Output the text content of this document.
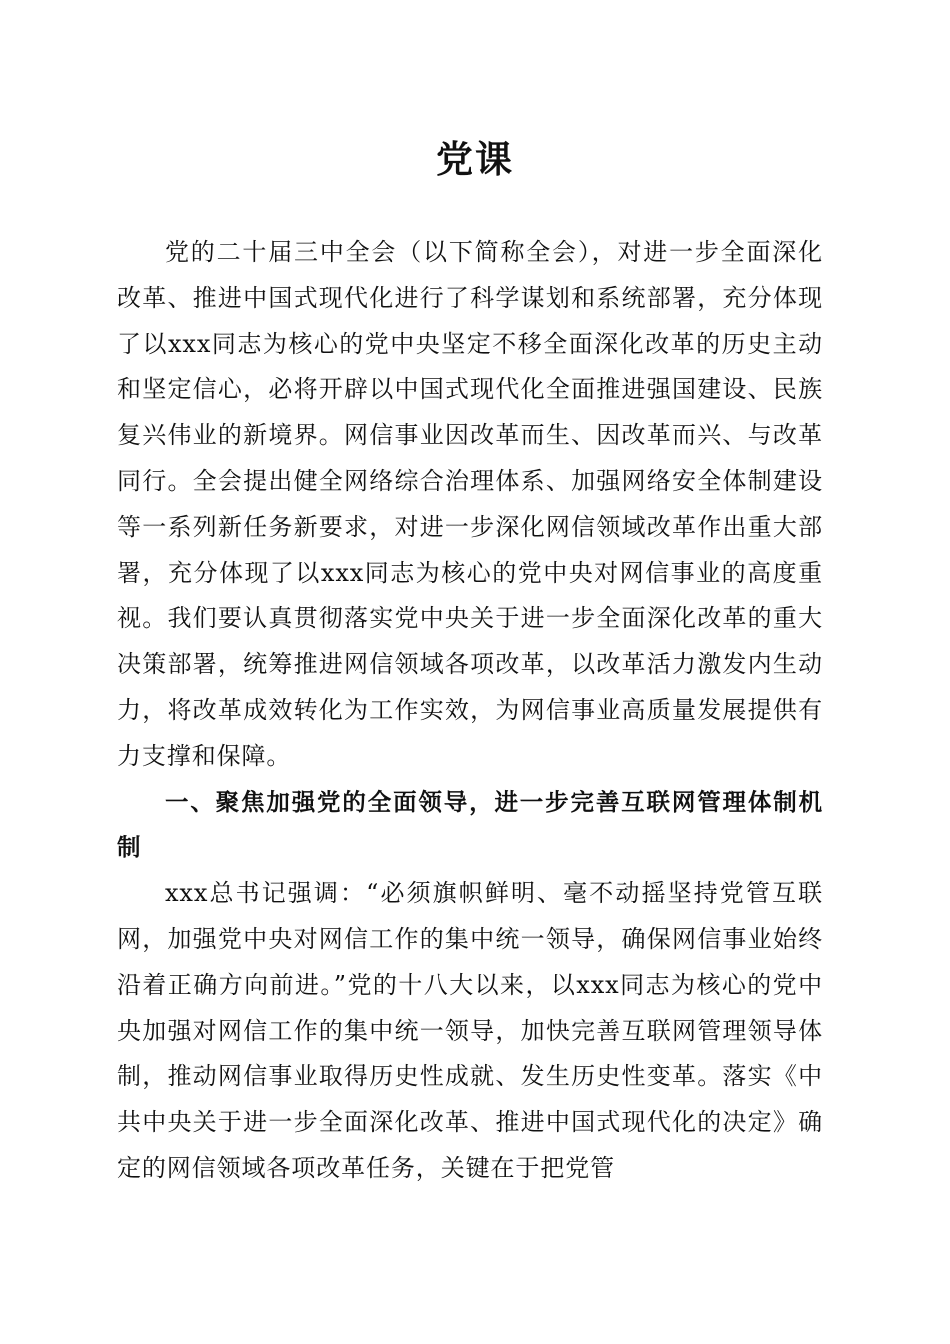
党课

党的二十届三中全会（以下简称全会），对进一步全面深化改革、推进中国式现代化进行了科学谋划和系统部署，充分体现了以xxx同志为核心的党中央坚定不移全面深化改革的历史主动和坚定信心，必将开辟以中国式现代化全面推进强国建设、民族复兴伟业的新境界。网信事业因改革而生、因改革而兴、与改革同行。全会提出健全网络综合治理体系、加强网络安全体制建设等一系列新任务新要求，对进一步深化网信领域改革作出重大部署，充分体现了以xxx同志为核心的党中央对网信事业的高度重视。我们要认真贯彻落实党中央关于进一步全面深化改革的重大决策部署，统筹推进网信领域各项改革，以改革活力激发内生动力，将改革成效转化为工作实效，为网信事业高质量发展提供有力支撑和保障。

一、聚焦加强党的全面领导，进一步完善互联网管理体制机制

xxx总书记强调：“必须旗帜鲜明、毫不动摇坚持党管互联网，加强党中央对网信工作的集中统一领导，确保网信事业始终沿着正确方向前进。”党的十八大以来，以xxx同志为核心的党中央加强对网信工作的集中统一领导，加快完善互联网管理领导体制，推动网信事业取得历史性成就、发生历史性变革。落实《中共中央关于进一步全面深化改革、推进中国式现代化的决定》确定的网信领域各项改革任务，关键在于把党管
